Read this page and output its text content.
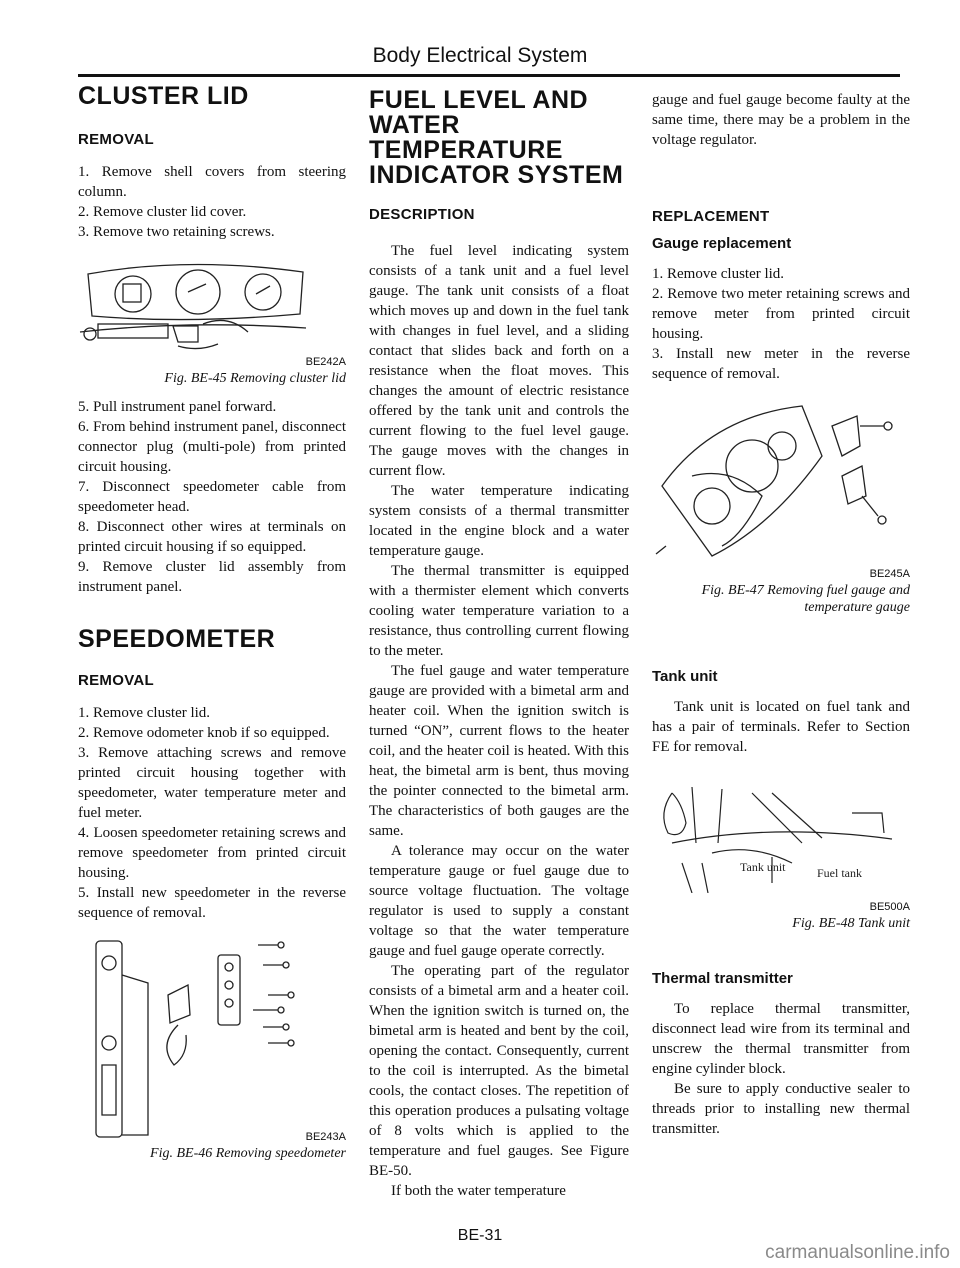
Body Electrical System
CLUSTER LID
REMOVAL

1. Remove shell covers from steering column.

2. Remove cluster lid cover.

3. Remove two retaining screws.

BE242A
Fig. BE-45 Removing cluster lid

5. Pull instrument panel forward.

6. From behind instrument panel, disconnect connector plug (multi-pole) from printed circuit housing.

7. Disconnect speedometer cable from speedometer head.

8. Disconnect other wires at terminals on printed circuit housing if so equipped.

9. Remove cluster lid assembly from instrument panel.

SPEEDOMETER
REMOVAL

1. Remove cluster lid.

2. Remove odometer knob if so equipped.

3. Remove attaching screws and remove printed circuit housing together with speedometer, water temperature meter and fuel meter.

4. Loosen speedometer retaining screws and remove speedometer from printed circuit housing.

5. Install new speedometer in the reverse sequence of removal.

BE243A
Fig. BE-46 Removing speedometer
FUEL LEVEL AND WATER TEMPERATURE INDICATOR SYSTEM
DESCRIPTION

The fuel level indicating system consists of a tank unit and a fuel level gauge. The tank unit consists of a float which moves up and down in the fuel tank with changes in fuel level, and a sliding contact that slides back and forth on a resistance when the float moves. This changes the amount of electric resistance offered by the tank unit and controls the current flowing to the fuel level gauge. The gauge moves with the changes in current flow.

The water temperature indicating system consists of a thermal transmitter located in the engine block and a water temperature gauge.

The thermal transmitter is equipped with a thermister element which converts cooling water temperature variation to a resistance, thus controlling current flowing to the meter.

The fuel gauge and water temperature gauge are provided with a bimetal arm and heater coil. When the ignition switch is turned “ON”, current flows to the heater coil, and the heater coil is heated. With this heat, the bimetal arm is bent, thus moving the pointer connected to the bimetal arm. The characteristics of both gauges are the same.

A tolerance may occur on the water temperature gauge or fuel gauge due to source voltage fluctuation. The voltage regulator is used to supply a constant voltage so that the water temperature gauge and fuel gauge operate correctly.

The operating part of the regulator consists of a bimetal arm and a heater coil. When the ignition switch is turned on, the bimetal arm is heated and bent by the coil, opening the contact. Consequently, current to the coil is interrupted. As the bimetal cools, the contact closes. The repetition of this operation produces a pulsating voltage of 8 volts which is applied to the temperature and fuel gauges. See Figure BE-50.

If both the water temperature

gauge and fuel gauge become faulty at the same time, there may be a problem in the voltage regulator.

REPLACEMENT
Gauge replacement

1. Remove cluster lid.

2. Remove two meter retaining screws and remove meter from printed circuit housing.

3. Install new meter in the reverse sequence of removal.

BE245A
Fig. BE-47 Removing fuel gauge and temperature gauge
Tank unit

Tank unit is located on fuel tank and has a pair of terminals. Refer to Section FE for removal.

Tank unit	Fuel tank
BE500A
Fig. BE-48 Tank unit
Thermal transmitter

To replace thermal transmitter, disconnect lead wire from its terminal and unscrew the thermal transmitter from engine cylinder block.

Be sure to apply conductive sealer to threads prior to installing new thermal transmitter.

BE-31
carmanualsonline.info
